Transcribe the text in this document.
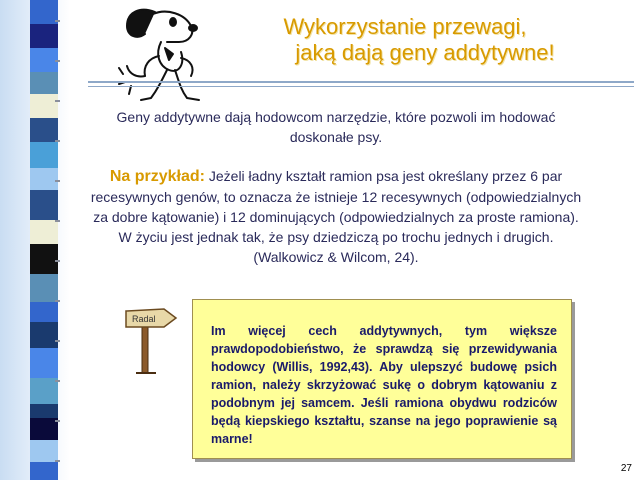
Wykorzystanie przewagi,
jaką dają geny addytywne!
Geny addytywne dają hodowcom narzędzie, które pozwoli im hodować doskonałe psy.
Na przykład: Jeżeli ładny kształt ramion psa jest określany przez 6 par recesywnych genów, to oznacza że istnieje 12 recesywnych (odpowiedzialnych za dobre kątowanie) i 12 dominujących (odpowiedzialnych za proste ramiona). W życiu jest jednak tak, że psy dziedziczą po trochu jednych i drugich. (Walkowicz & Wilcom, 24).
Radal
Im więcej cech addytywnych, tym większe prawdopodobieństwo, że sprawdzą się przewidywania hodowcy (Willis, 1992,43). Aby ulepszyć budowę psich ramion, należy skrzyżować sukę o dobrym kątowaniu z podobnym jej samcem. Jeśli ramiona obydwu rodziców będą kiepskiego kształtu, szanse na jego poprawienie są marne!
27
